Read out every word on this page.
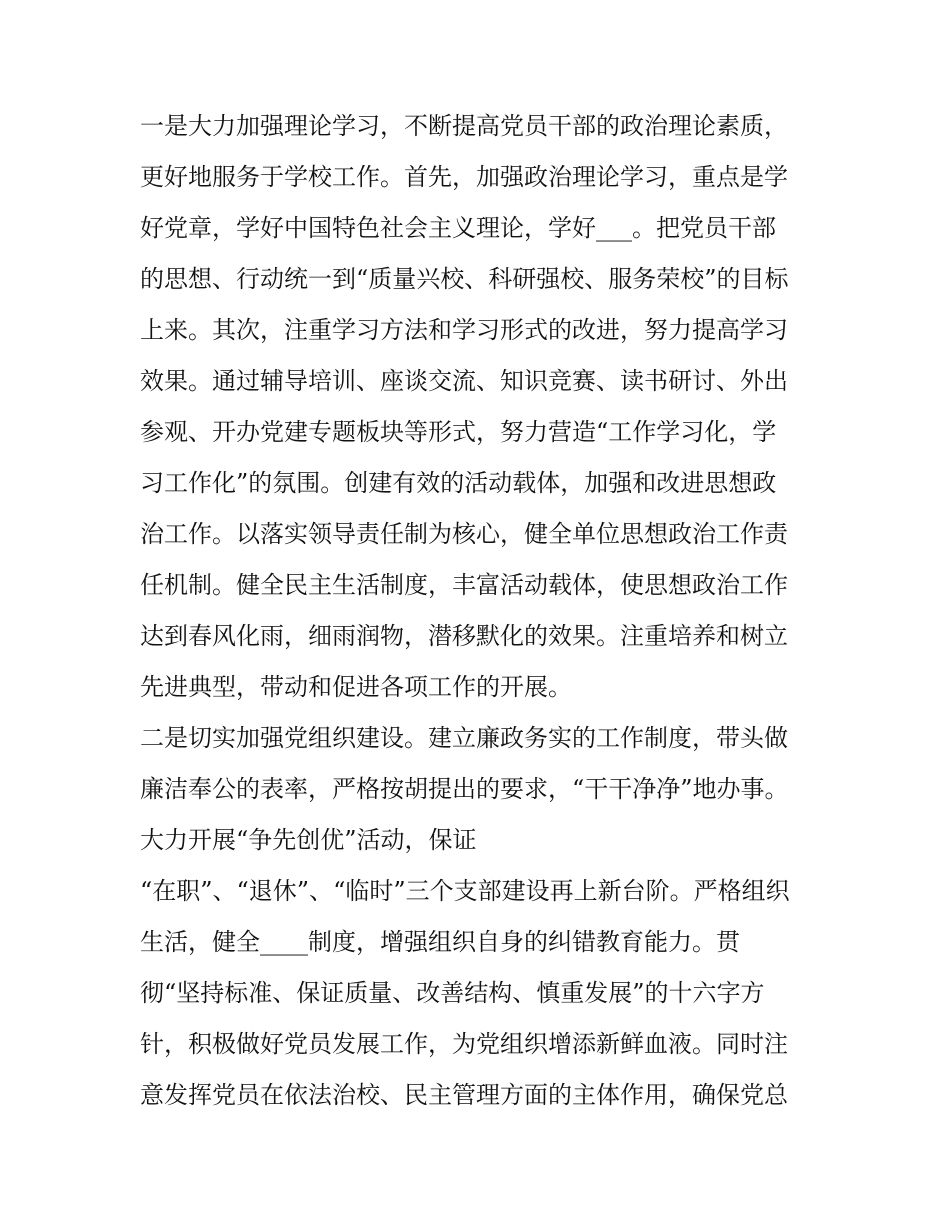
一是大力加强理论学习，不断提高党员干部的政治理论素质，
更好地服务于学校工作。首先，加强政治理论学习，重点是学
好党章，学好中国特色社会主义理论，学好___。把党员干部
的思想、行动统一到“质量兴校、科研强校、服务荣校”的目标
上来。其次，注重学习方法和学习形式的改进，努力提高学习
效果。通过辅导培训、座谈交流、知识竞赛、读书研讨、外出
参观、开办党建专题板块等形式，努力营造“工作学习化，学
习工作化”的氛围。创建有效的活动载体，加强和改进思想政
治工作。以落实领导责任制为核心，健全单位思想政治工作责
任机制。健全民主生活制度，丰富活动载体，使思想政治工作
达到春风化雨，细雨润物，潜移默化的效果。注重培养和树立
先进典型，带动和促进各项工作的开展。
二是切实加强党组织建设。建立廉政务实的工作制度，带头做
廉洁奉公的表率，严格按胡提出的要求，“干干净净”地办事。
大力开展“争先创优”活动，保证
“在职”、“退休”、“临时”三个支部建设再上新台阶。严格组织
生活，健全____制度，增强组织自身的纠错教育能力。贯
彻“坚持标准、保证质量、改善结构、慎重发展”的十六字方
针，积极做好党员发展工作，为党组织增添新鲜血液。同时注
意发挥党员在依法治校、民主管理方面的主体作用，确保党总
